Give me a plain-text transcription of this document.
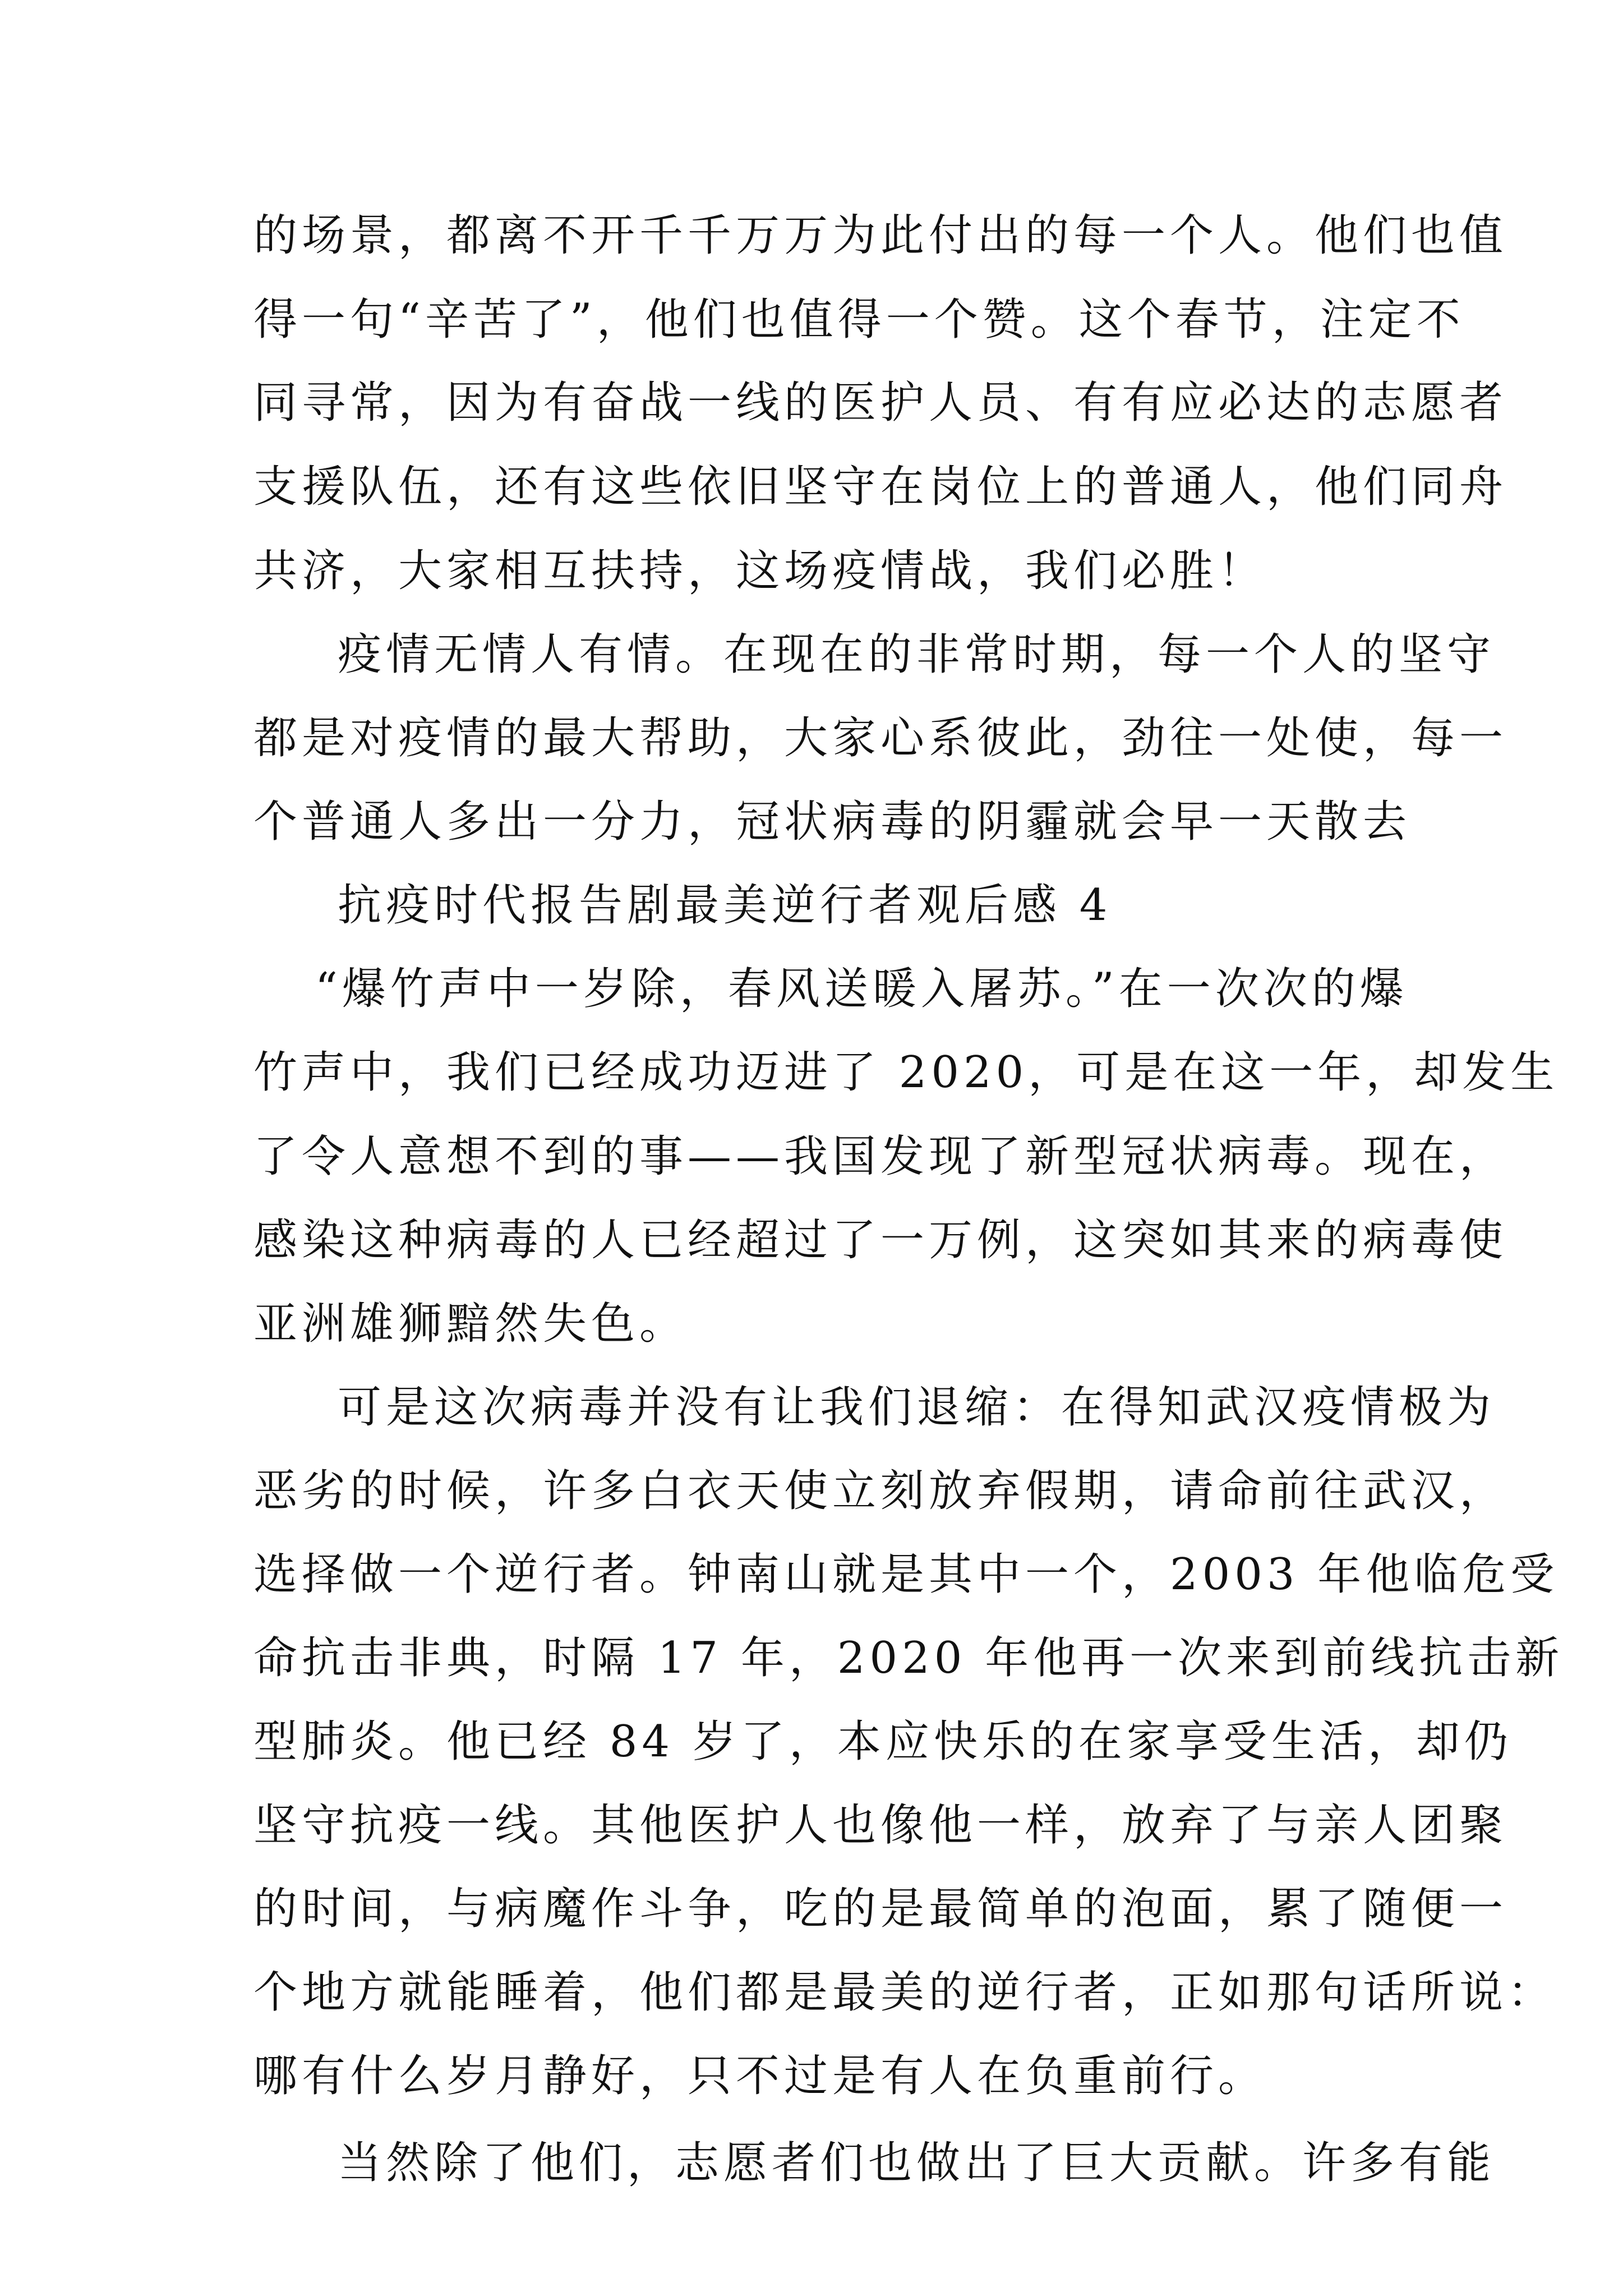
的场景，都离不开千千万万为此付出的每一个人。他们也值
得一句“辛苦了”，他们也值得一个赞。这个春节，注定不
同寻常，因为有奋战一线的医护人员、有有应必达的志愿者
支援队伍，还有这些依旧坚守在岗位上的普通人，他们同舟
共济，大家相互扶持，这场疫情战，我们必胜！
疫情无情人有情。在现在的非常时期，每一个人的坚守
都是对疫情的最大帮助，大家心系彼此，劲往一处使，每一
个普通人多出一分力，冠状病毒的阴霾就会早一天散去
抗疫时代报告剧最美逆行者观后感 4
“爆竹声中一岁除，春风送暖入屠苏。”在一次次的爆
竹声中，我们已经成功迈进了 2020，可是在这一年，却发生
了令人意想不到的事——我国发现了新型冠状病毒。现在，
感染这种病毒的人已经超过了一万例，这突如其来的病毒使
亚洲雄狮黯然失色。
可是这次病毒并没有让我们退缩：在得知武汉疫情极为
恶劣的时候，许多白衣天使立刻放弃假期，请命前往武汉，
选择做一个逆行者。钟南山就是其中一个，2003 年他临危受
命抗击非典，时隔 17 年，2020 年他再一次来到前线抗击新
型肺炎。他已经 84 岁了，本应快乐的在家享受生活，却仍
坚守抗疫一线。其他医护人也像他一样，放弃了与亲人团聚
的时间，与病魔作斗争，吃的是最简单的泡面，累了随便一
个地方就能睡着，他们都是最美的逆行者，正如那句话所说：
哪有什么岁月静好，只不过是有人在负重前行。
当然除了他们，志愿者们也做出了巨大贡献。许多有能
